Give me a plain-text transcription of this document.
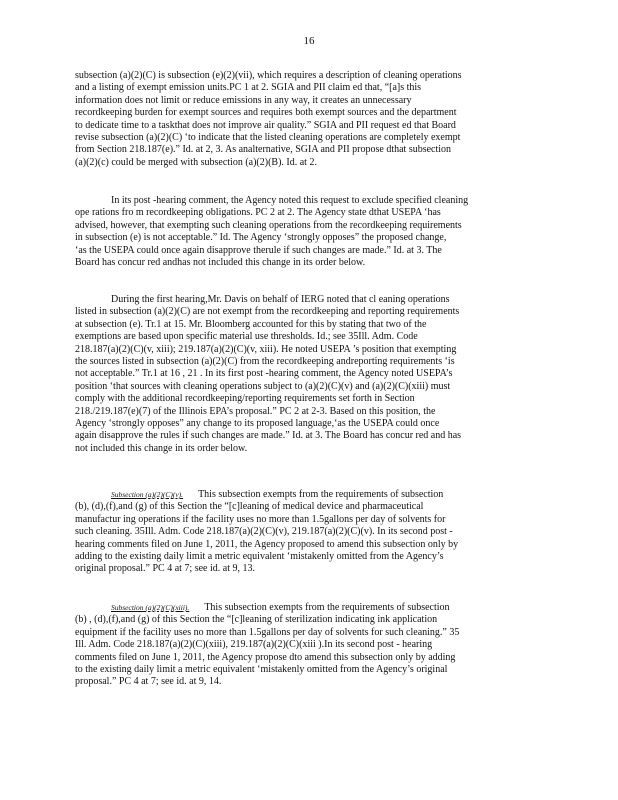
16
subsection (a)(2)(C) is subsection (e)(2)(vii), which requires a description of cleaning operations
and a listing of exempt emission units.PC 1 at 2. SGIA and PII claim ed that, “[a]s this
information does not limit or reduce emissions in any way, it creates an unnecessary
recordkeeping burden for exempt sources and requires both exempt sources and the department
to dedicate time to a taskthat does not improve air quality.” SGIA and PII request ed that Board
revise subsection (a)(2)(C) ‘to indicate that the listed cleaning operations are completely exempt
from Section 218.187(e).” Id. at 2, 3. As analternative, SGIA and PII propose dthat subsection
(a)(2)(c) could be merged with subsection (a)(2)(B). Id. at 2.
In its post -hearing comment, the Agency noted this request to exclude specified cleaning
ope rations fro m recordkeeping obligations. PC 2 at 2. The Agency state dthat USEPA ‘has
advised, however, that exempting such cleaning operations from the recordkeeping requirements
in subsection (e) is not acceptable.” Id. The Agency ‘strongly opposes” the proposed change,
‘as the USEPA could once again disapprove therule if such changes are made.” Id. at 3. The
Board has concur red andhas not included this change in its order below.
During the first hearing,Mr. Davis on behalf of IERG noted that cl eaning operations
listed in subsection (a)(2)(C) are not exempt from the recordkeeping and reporting requirements
at subsection (e). Tr.1 at 15. Mr. Bloomberg accounted for this by stating that two of the
exemptions are based upon specific material use thresholds. Id.; see 35Ill. Adm. Code
218.187(a)(2)(C)(v, xiii); 219.187(a)(2)(C)(v, xiii). He noted USEPA ’s position that exempting
the sources listed in subsection (a)(2)(C) from the recordkeeping andreporting requirements ‘is
not acceptable.” Tr.1 at 16 , 21 . In its first post -hearing comment, the Agency noted USEPA’s
position ‘that sources with cleaning operations subject to (a)(2)(C)(v) and (a)(2)(C)(xiii) must
comply with the additional recordkeeping/reporting requirements set forth in Section
218./219.187(e)(7) of the Illinois EPA’s proposal.” PC 2 at 2-3. Based on this position, the
Agency ‘strongly opposes” any change to its proposed language,‘as the USEPA could once
again disapprove the rules if such changes are made.” Id. at 3. The Board has concur red and has
not included this change in its order below.
Subsection (a)(2)(C)(v). This subsection exempts from the requirements of subsection
(b), (d),(f),and (g) of this Section the “[c]leaning of medical device and pharmaceutical
manufactur ing operations if the facility uses no more than 1.5gallons per day of solvents for
such cleaning. 35Ill. Adm. Code 218.187(a)(2)(C)(v), 219.187(a)(2)(C)(v). In its second post -
hearing comments filed on June 1, 2011, the Agency proposed to amend this subsection only by
adding to the existing daily limit a metric equivalent ‘mistakenly omitted from the Agency’s
original proposal.” PC 4 at 7; see id. at 9, 13.
Subsection (a)(2)(C)(xiii). This subsection exempts from the requirements of subsection
(b) , (d),(f),and (g) of this Section the “[c]leaning of sterilization indicating ink application
equipment if the facility uses no more than 1.5gallons per day of solvents for such cleaning.” 35
Ill. Adm. Code 218.187(a)(2)(C)(xiii), 219.187(a)(2)(C)(xiii ).In its second post - hearing
comments filed on June 1, 2011, the Agency propose dto amend this subsection only by adding
to the existing daily limit a metric equivalent ‘mistakenly omitted from the Agency’s original
proposal.” PC 4 at 7; see id. at 9, 14.
